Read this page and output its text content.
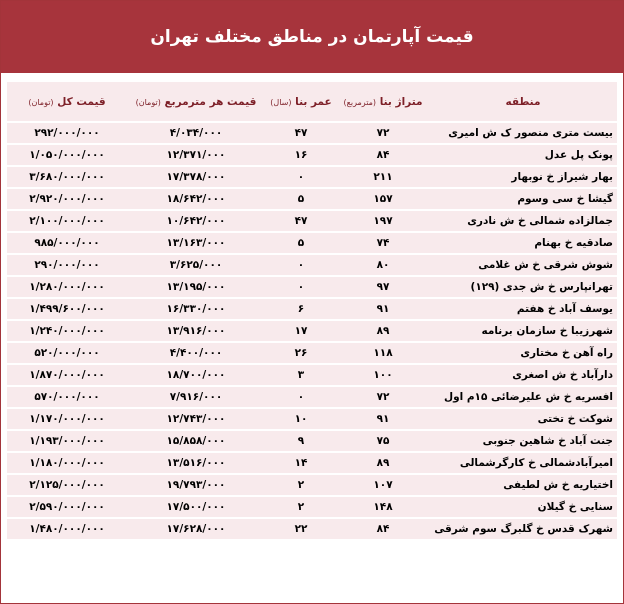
قیمت آپارتمان در مناطق مختلف تهران
منطقه	متراژ بنا (مترمربع)	عمر بنا (سال)	قیمت هر مترمربع (تومان)	قیمت کل (تومان)
بیست متری منصور ک ش امیری	۷۲	۴۷	۴/۰۳۴/۰۰۰	۲۹۲/۰۰۰/۰۰۰
پونک پل عدل	۸۴	۱۶	۱۲/۳۷۱/۰۰۰	۱/۰۵۰/۰۰۰/۰۰۰
بهار شیراز خ نوبهار	۲۱۱	۰	۱۷/۳۷۸/۰۰۰	۳/۶۸۰/۰۰۰/۰۰۰
گیشا خ سی وسوم	۱۵۷	۵	۱۸/۶۴۲/۰۰۰	۲/۹۲۰/۰۰۰/۰۰۰
جمالزاده شمالی خ ش نادری	۱۹۷	۴۷	۱۰/۶۴۲/۰۰۰	۲/۱۰۰/۰۰۰/۰۰۰
صادقیه خ بهنام	۷۴	۵	۱۳/۱۶۳/۰۰۰	۹۸۵/۰۰۰/۰۰۰
شوش شرقی خ ش غلامی	۸۰	۰	۳/۶۲۵/۰۰۰	۲۹۰/۰۰۰/۰۰۰
تهرانپارس خ ش جدی (۱۲۹)	۹۷	۰	۱۳/۱۹۵/۰۰۰	۱/۲۸۰/۰۰۰/۰۰۰
یوسف آباد خ هفتم	۹۱	۶	۱۶/۳۳۰/۰۰۰	۱/۴۹۹/۶۰۰/۰۰۰
شهرزیبا خ سازمان برنامه	۸۹	۱۷	۱۳/۹۱۶/۰۰۰	۱/۲۴۰/۰۰۰/۰۰۰
راه آهن خ مختاری	۱۱۸	۲۶	۴/۴۰۰/۰۰۰	۵۲۰/۰۰۰/۰۰۰
دارآباد خ ش اصغری	۱۰۰	۳	۱۸/۷۰۰/۰۰۰	۱/۸۷۰/۰۰۰/۰۰۰
افسریه خ ش علیرضائی ۱۵م اول	۷۲	۰	۷/۹۱۶/۰۰۰	۵۷۰/۰۰۰/۰۰۰
شوکت خ تختی	۹۱	۱۰	۱۲/۷۴۳/۰۰۰	۱/۱۷۰/۰۰۰/۰۰۰
جنت آباد خ شاهین جنوبی	۷۵	۹	۱۵/۸۵۸/۰۰۰	۱/۱۹۳/۰۰۰/۰۰۰
امیرآبادشمالی خ کارگرشمالی	۸۹	۱۴	۱۳/۵۱۶/۰۰۰	۱/۱۸۰/۰۰۰/۰۰۰
اختیاریه خ ش لطیفی	۱۰۷	۲	۱۹/۷۹۳/۰۰۰	۲/۱۲۵/۰۰۰/۰۰۰
سنایی خ گیلان	۱۴۸	۲	۱۷/۵۰۰/۰۰۰	۲/۵۹۰/۰۰۰/۰۰۰
شهرک قدس خ گلبرگ سوم شرقی	۸۴	۲۲	۱۷/۶۲۸/۰۰۰	۱/۴۸۰/۰۰۰/۰۰۰
